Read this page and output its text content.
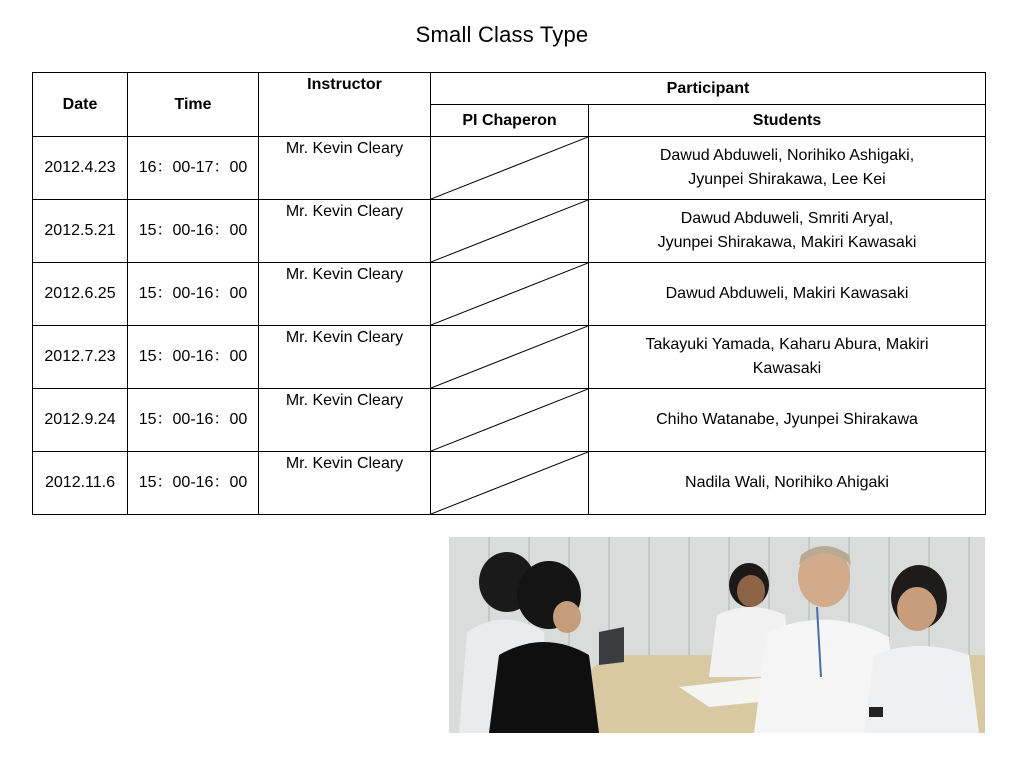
Small Class Type
Date	Time	Instructor	Participant	
			PI Chaperon	Students
2012.4.23	16：00-17：00	Mr. Kevin Cleary		Dawud Abduweli, Norihiko Ashigaki,
Jyunpei Shirakawa, Lee Kei

2012.5.21	15：00-16：00	Mr. Kevin Cleary		Dawud Abduweli, Smriti Aryal,
Jyunpei Shirakawa, Makiri Kawasaki

2012.6.25	15：00-16：00	Mr. Kevin Cleary		Dawud Abduweli, Makiri Kawasaki

2012.7.23	15：00-16：00	Mr. Kevin Cleary		Takayuki Yamada, Kaharu Abura, Makiri
Kawasaki

2012.9.24	15：00-16：00	Mr. Kevin Cleary		Chiho Watanabe, Jyunpei Shirakawa

2012.11.6	15：00-16：00	Mr. Kevin Cleary		Nadila Wali, Norihiko Ahigaki
